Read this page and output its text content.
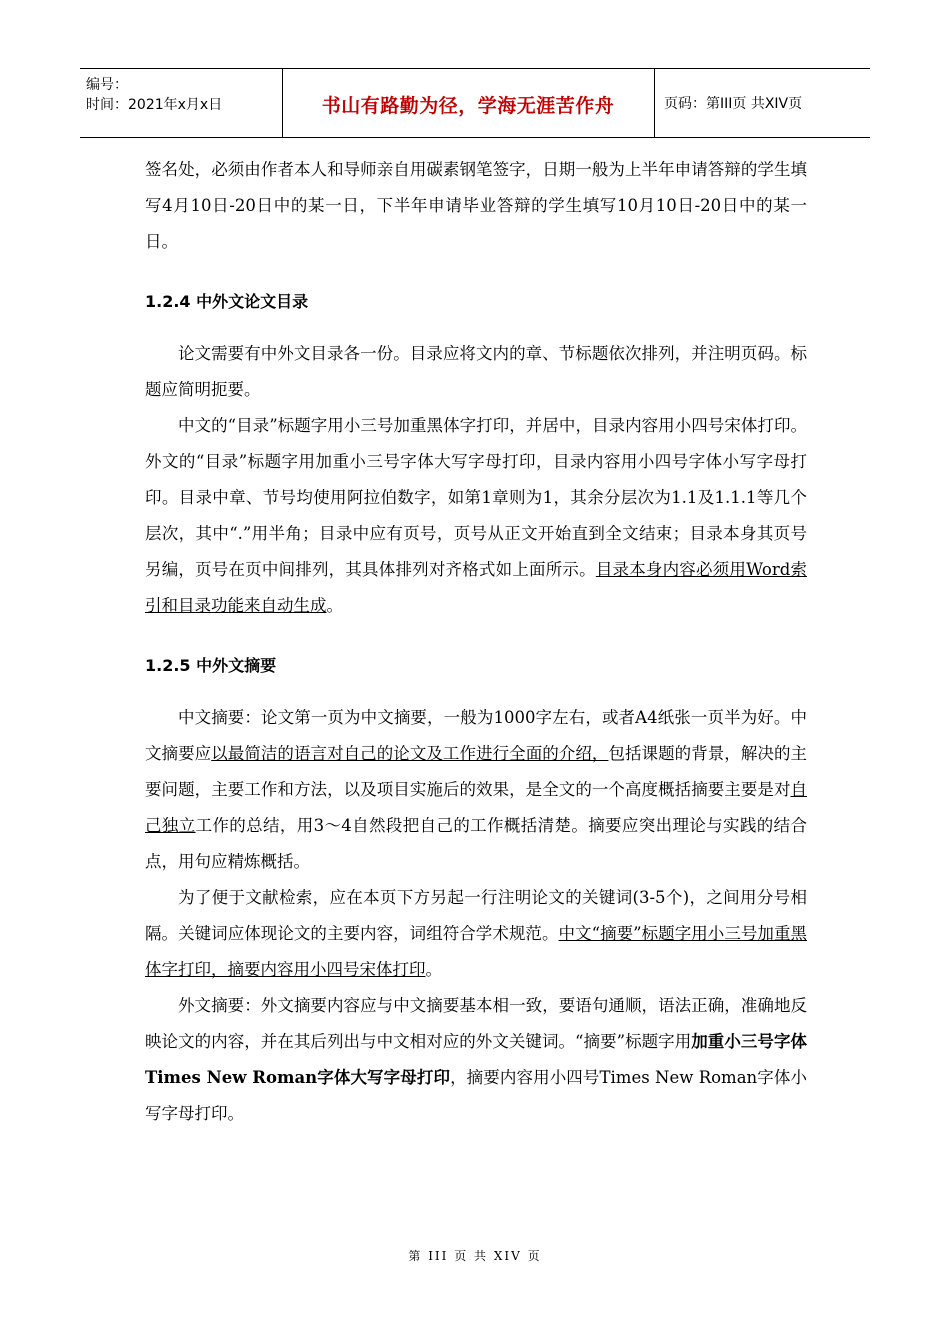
编号：
时间：2021年x月x日	书山有路勤为径，学海无涯苦作舟	页码：第III页 共XIV页

签名处，必须由作者本人和导师亲自用碳素钢笔签字，日期一般为上半年申请答辩的学生填写4月10日-20日中的某一日，下半年申请毕业答辩的学生填写10月10日-20日中的某一日。

1.2.4 中外文论文目录

论文需要有中外文目录各一份。目录应将文内的章、节标题依次排列，并注明页码。标题应简明扼要。

中文的“目录”标题字用小三号加重黑体字打印，并居中，目录内容用小四号宋体打印。外文的“目录”标题字用加重小三号字体大写字母打印，目录内容用小四号字体小写字母打印。目录中章、节号均使用阿拉伯数字，如第1章则为1，其余分层次为1.1及1.1.1等几个层次，其中“.”用半角；目录中应有页号，页号从正文开始直到全文结束；目录本身其页号另编，页号在页中间排列，其具体排列对齐格式如上面所示。目录本身内容必须用Word索引和目录功能来自动生成。

1.2.5 中外文摘要

中文摘要：论文第一页为中文摘要，一般为1000字左右，或者A4纸张一页半为好。中文摘要应以最简洁的语言对自己的论文及工作进行全面的介绍，包括课题的背景，解决的主要问题，主要工作和方法，以及项目实施后的效果，是全文的一个高度概括摘要主要是对自己独立工作的总结，用3～4自然段把自己的工作概括清楚。摘要应突出理论与实践的结合点，用句应精炼概括。

为了便于文献检索，应在本页下方另起一行注明论文的关键词(3-5个)，之间用分号相隔。关键词应体现论文的主要内容，词组符合学术规范。中文“摘要”标题字用小三号加重黑体字打印，摘要内容用小四号宋体打印。

外文摘要：外文摘要内容应与中文摘要基本相一致，要语句通顺，语法正确，准确地反映论文的内容，并在其后列出与中文相对应的外文关键词。“摘要”标题字用加重小三号字体Times New Roman字体大写字母打印，摘要内容用小四号Times New Roman字体小写字母打印。

第 III 页 共 XIV 页
